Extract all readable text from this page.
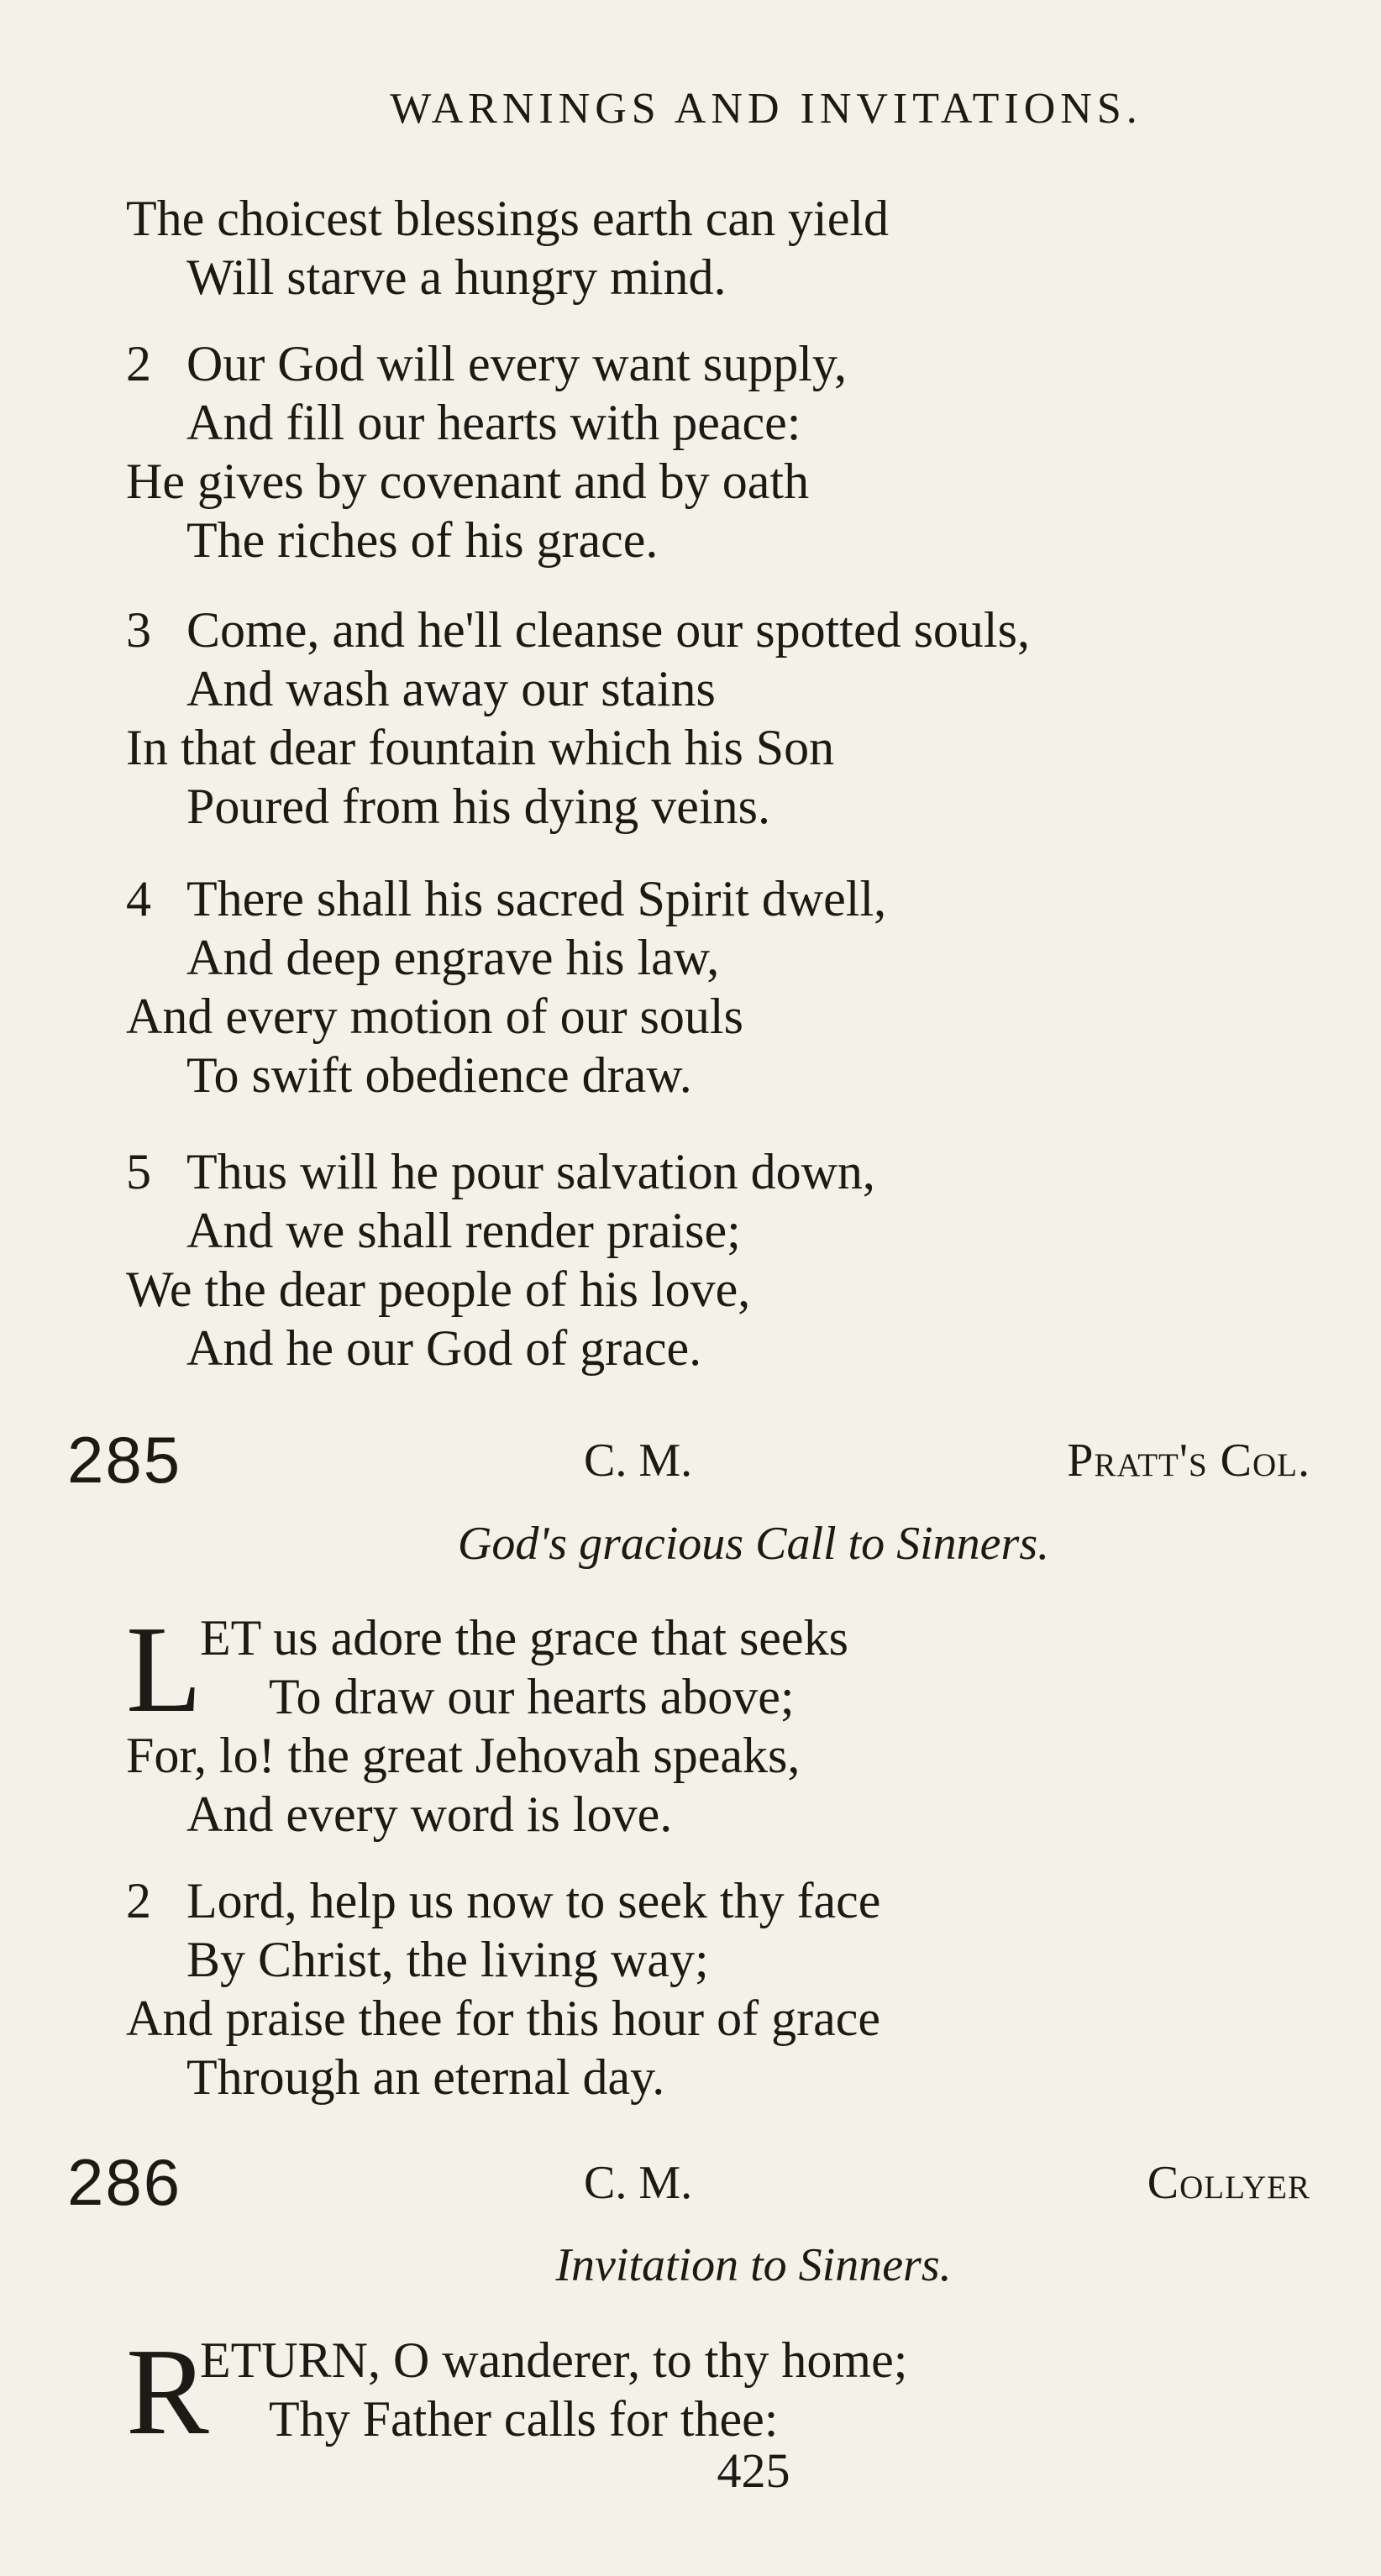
WARNINGS AND INVITATIONS.
The choicest blessings earth can yield
Will starve a hungry mind.
2 Our God will every want supply,
And fill our hearts with peace:
He gives by covenant and by oath
The riches of his grace.
3 Come, and he'll cleanse our spotted souls,
And wash away our stains
In that dear fountain which his Son
Poured from his dying veins.
4 There shall his sacred Spirit dwell,
And deep engrave his law,
And every motion of our souls
To swift obedience draw.
5 Thus will he pour salvation down,
And we shall render praise;
We the dear people of his love,
And he our God of grace.
285	C. M.	Pratt's Col.
God's gracious Call to Sinners.
L
ET us adore the grace that seeks
To draw our hearts above;
For, lo! the great Jehovah speaks,
And every word is love.
2 Lord, help us now to seek thy face
By Christ, the living way;
And praise thee for this hour of grace
Through an eternal day.
286	C. M.	Collyer
Invitation to Sinners.
R
ETURN, O wanderer, to thy home;
Thy Father calls for thee:
425
